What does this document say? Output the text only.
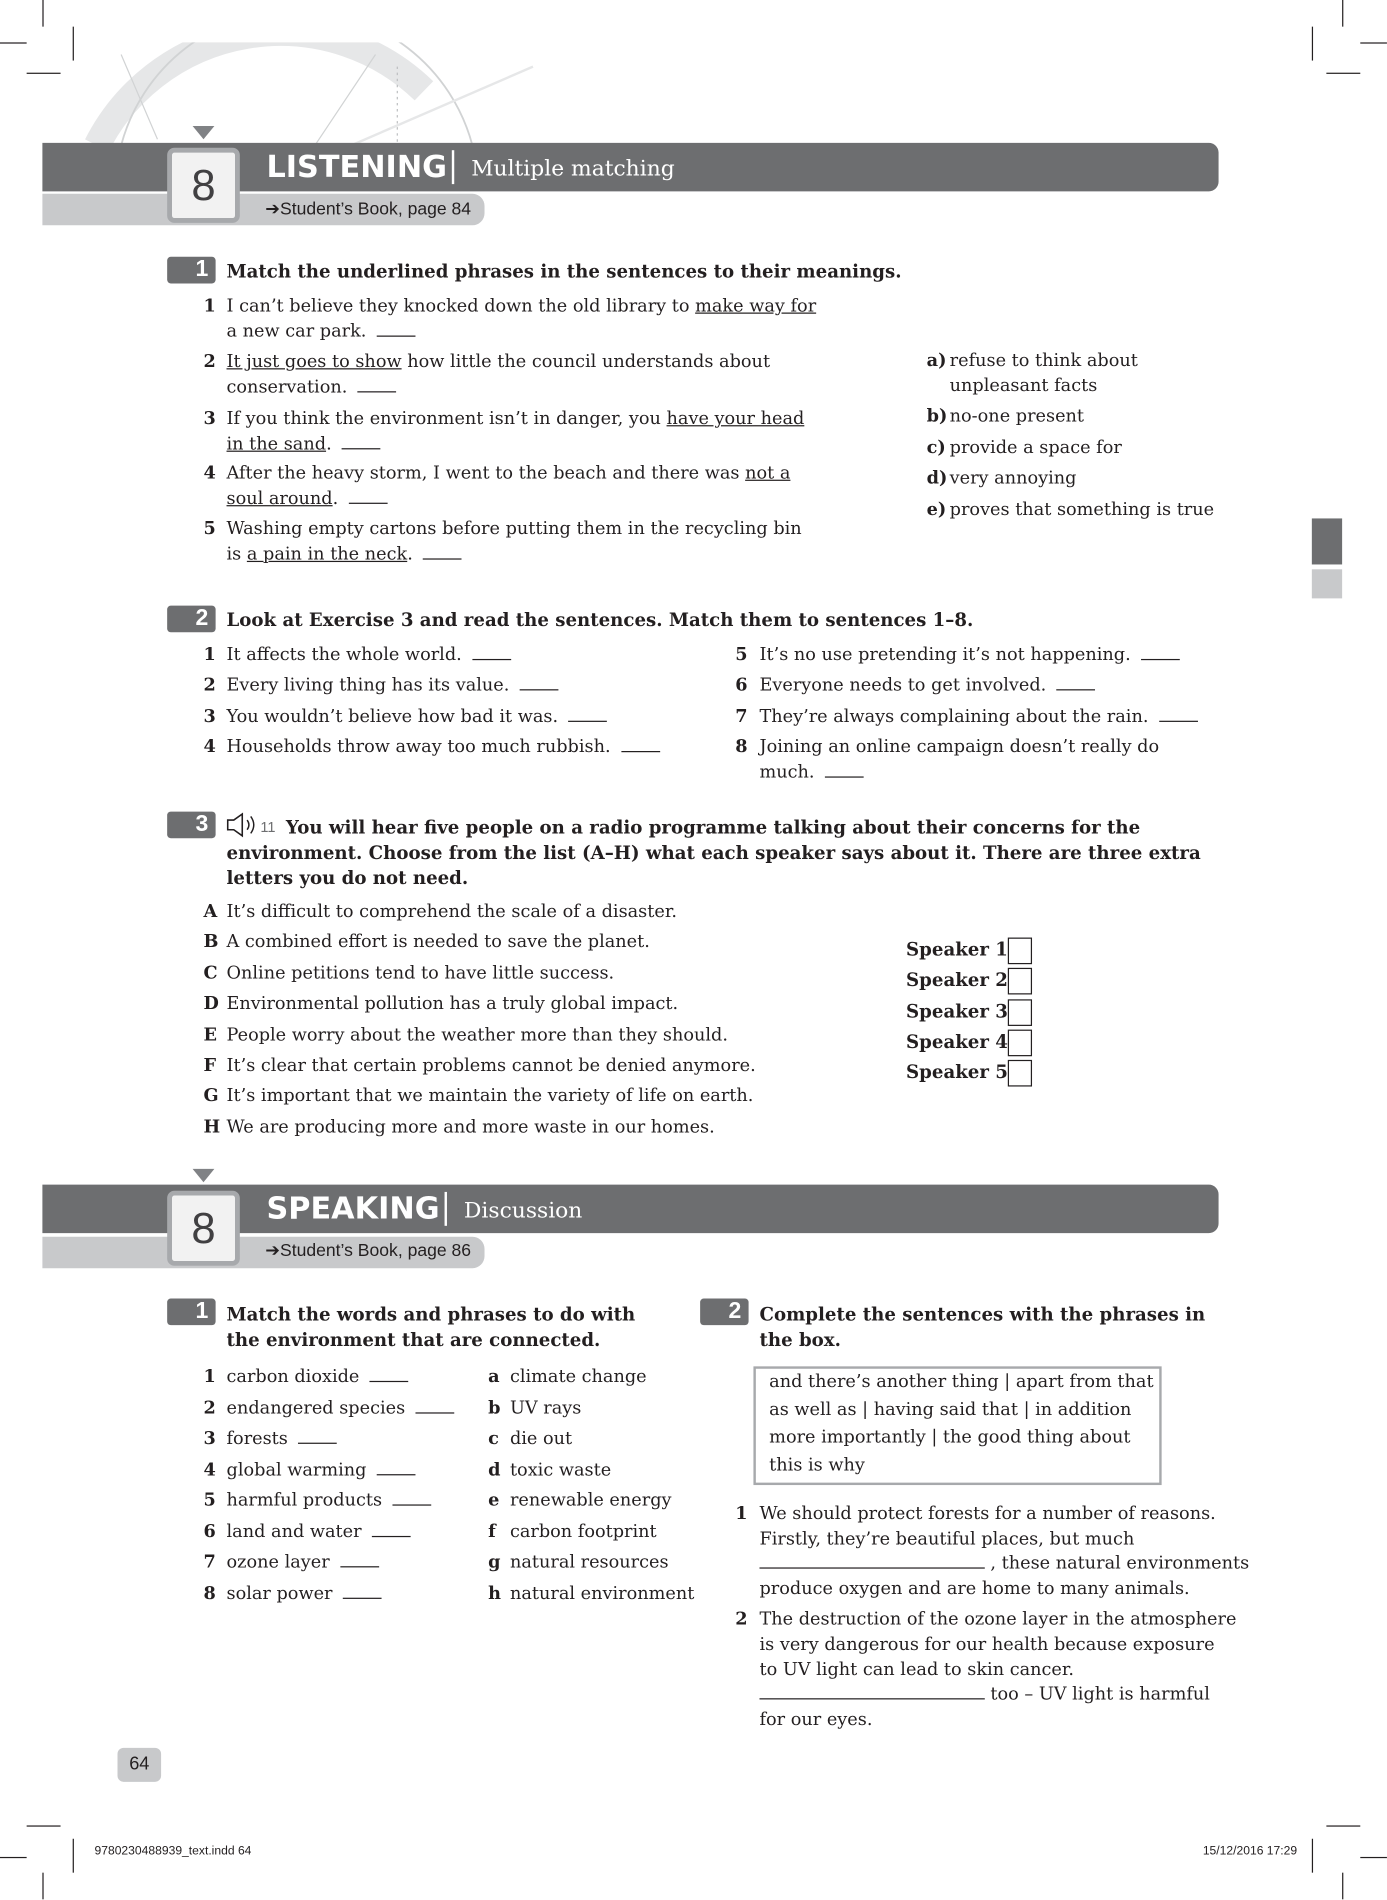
8	LISTENING Multiple matching
➔Student’s Book, page 84
1	Match the underlined phrases in the sentences to their meanings.
2	Look at Exercise 3 and read the sentences. Match them to sentences 1–8.
3	11
8	SPEAKING Discussion
➔Student’s Book, page 86
1	2
64
9780230488939_text.indd 64	15/12/2016 17:29
1 I can’t believe they knocked down the old library to make way for
a new car park.
2 It just goes to show how little the council understands about
conservation.
3 If you think the environment isn’t in danger, you have your head
in the sand.
4 After the heavy storm, I went to the beach and there was not a
soul around.
5 Washing empty cartons before putting them in the recycling bin
is a pain in the neck.
a) refuse to think about
unpleasant facts
b) no-one present
c) provide a space for
d) very annoying
e) proves that something is true
1 It affects the whole world.
2 Every living thing has its value.
3 You wouldn’t believe how bad it was.
4 Households throw away too much rubbish.
5 It’s no use pretending it’s not happening.
6 Everyone needs to get involved.
7 They’re always complaining about the rain.
8 Joining an online campaign doesn’t really do
much.
You will hear five people on a radio programme talking about their concerns for the
environment. Choose from the list (A–H) what each speaker says about it. There are three extra
letters you do not need.
A It’s difficult to comprehend the scale of a disaster.
B A combined effort is needed to save the planet.
C Online petitions tend to have little success.
D Environmental pollution has a truly global impact.
E People worry about the weather more than they should.
F It’s clear that certain problems cannot be denied anymore.
G It’s important that we maintain the variety of life on earth.
H We are producing more and more waste in our homes.
Speaker 1
Speaker 2
Speaker 3
Speaker 4
Speaker 5
Match the words and phrases to do with
the environment that are connected.
1 carbon dioxide
2 endangered species
3 forests
4 global warming
5 harmful products
6 land and water
7 ozone layer
8 solar power
a climate change
b UV rays
c die out
d toxic waste
e renewable energy
f carbon footprint
g natural resources
h natural environment
Complete the sentences with the phrases in
the box.
and there’s another thing | apart from that
as well as | having said that | in addition
more importantly | the good thing about
this is why
1 We should protect forests for a number of reasons.
Firstly, they’re beautiful places, but much
, these natural environments
produce oxygen and are home to many animals.
2 The destruction of the ozone layer in the atmosphere
is very dangerous for our health because exposure
to UV light can lead to skin cancer.
too – UV light is harmful
for our eyes.
